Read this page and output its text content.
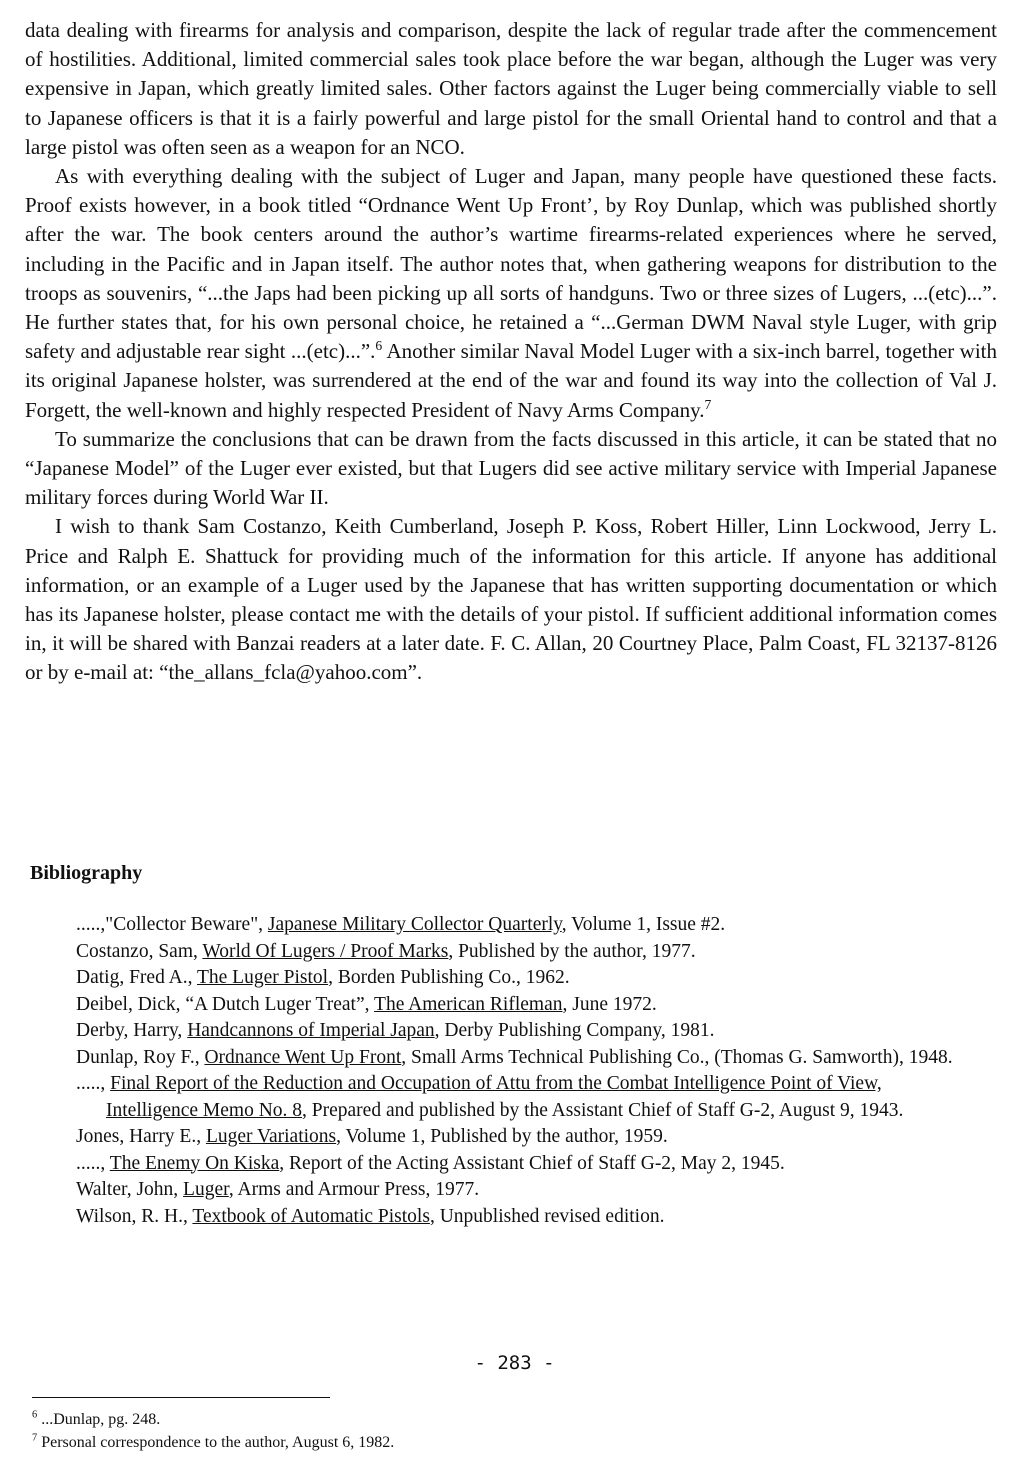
data dealing with firearms for analysis and comparison, despite the lack of regular trade after the commencement of hostilities. Additional, limited commercial sales took place before the war began, although the Luger was very expensive in Japan, which greatly limited sales. Other factors against the Luger being commercially viable to sell to Japanese officers is that it is a fairly powerful and large pistol for the small Oriental hand to control and that a large pistol was often seen as a weapon for an NCO.

As with everything dealing with the subject of Luger and Japan, many people have questioned these facts. Proof exists however, in a book titled “Ordnance Went Up Front’, by Roy Dunlap, which was published shortly after the war. The book centers around the author’s wartime firearms-related experiences where he served, including in the Pacific and in Japan itself. The author notes that, when gathering weapons for distribution to the troops as souvenirs, “...the Japs had been picking up all sorts of handguns. Two or three sizes of Lugers, ...(etc)...”. He further states that, for his own personal choice, he retained a “...German DWM Naval style Luger, with grip safety and adjustable rear sight ...(etc)...”.$^6$ Another similar Naval Model Luger with a six-inch barrel, together with its original Japanese holster, was surrendered at the end of the war and found its way into the collection of Val J. Forgett, the well-known and highly respected President of Navy Arms Company.$^7$

To summarize the conclusions that can be drawn from the facts discussed in this article, it can be stated that no “Japanese Model” of the Luger ever existed, but that Lugers did see active military service with Imperial Japanese military forces during World War II.

I wish to thank Sam Costanzo, Keith Cumberland, Joseph P. Koss, Robert Hiller, Linn Lockwood, Jerry L. Price and Ralph E. Shattuck for providing much of the information for this article. If anyone has additional information, or an example of a Luger used by the Japanese that has written supporting documentation or which has its Japanese holster, please contact me with the details of your pistol. If sufficient additional information comes in, it will be shared with Banzai readers at a later date. F. C. Allan, 20 Courtney Place, Palm Coast, FL 32137-8126 or by e-mail at: “the_allans_fcla@yahoo.com”.

Bibliography
.....,"Collector Beware", Japanese Military Collector Quarterly, Volume 1, Issue #2.
Costanzo, Sam, World Of Lugers / Proof Marks, Published by the author, 1977.
Datig, Fred A., The Luger Pistol, Borden Publishing Co., 1962.
Deibel, Dick, “A Dutch Luger Treat”, The American Rifleman, June 1972.
Derby, Harry, Handcannons of Imperial Japan, Derby Publishing Company, 1981.
Dunlap, Roy F., Ordnance Went Up Front, Small Arms Technical Publishing Co., (Thomas G. Samworth), 1948.
....., Final Report of the Reduction and Occupation of Attu from the Combat Intelligence Point of View, Intelligence Memo No. 8, Prepared and published by the Assistant Chief of Staff G-2, August 9, 1943.
Jones, Harry E., Luger Variations, Volume 1, Published by the author, 1959.
....., The Enemy On Kiska, Report of the Acting Assistant Chief of Staff G-2, May 2, 1945.
Walter, John, Luger, Arms and Armour Press, 1977.
Wilson, R. H., Textbook of Automatic Pistols, Unpublished revised edition.
- 283 -
$^6$ ...Dunlap, pg. 248.
$^7$ Personal correspondence to the author, August 6, 1982.
